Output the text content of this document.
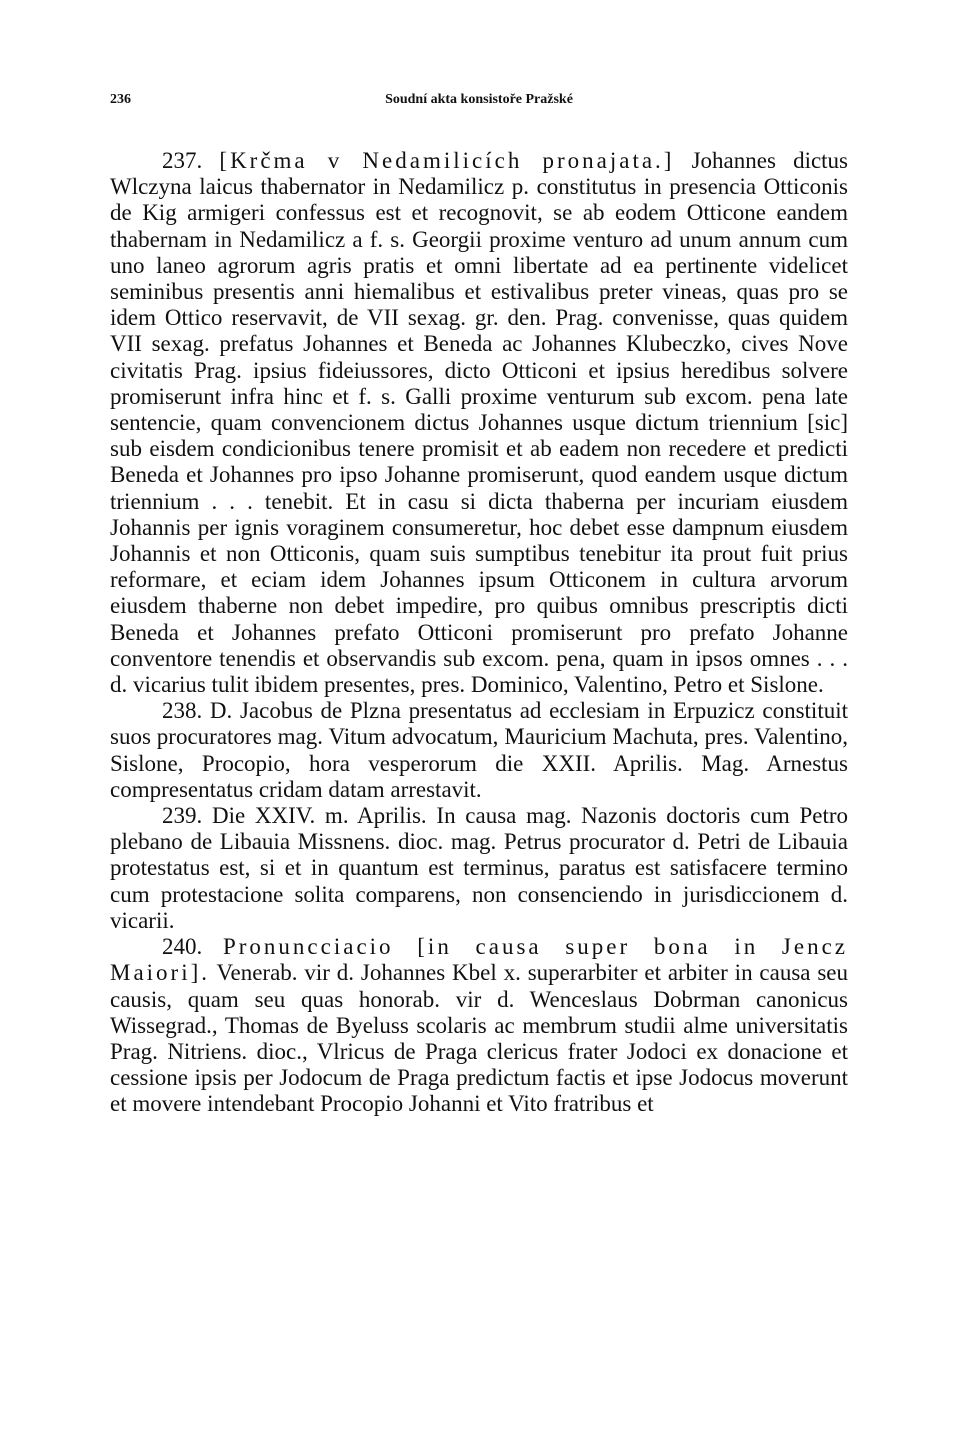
236	Soudní akta konsistoře Pražské

237. [Krčma v Nedamilicích pronajata.] Johannes dictus Wlczyna laicus thabernator in Nedamilicz p. constitutus in presencia Otticonis de Kig armigeri confessus est et recognovit, se ab eodem Otticone eandem thabernam in Nedamilicz a f. s. Georgii proxime venturo ad unum annum cum uno laneo agrorum agris pratis et omni libertate ad ea pertinente videlicet seminibus presentis anni hiemalibus et estivalibus preter vineas, quas pro se idem Ottico reservavit, de VII sexag. gr. den. Prag. convenisse, quas quidem VII sexag. prefatus Johannes et Beneda ac Johannes Klubeczko, cives Nove civitatis Prag. ipsius fideiussores, dicto Otticoni et ipsius heredibus solvere promiserunt infra hinc et f. s. Galli proxime venturum sub excom. pena late sentencie, quam convencionem dictus Johannes usque dictum triennium [sic] sub eisdem condicionibus tenere promisit et ab eadem non recedere et predicti Beneda et Johannes pro ipso Johanne promiserunt, quod eandem usque dictum triennium . . . tenebit. Et in casu si dicta thaberna per incuriam eiusdem Johannis per ignis voraginem consumeretur, hoc debet esse dampnum eiusdem Johannis et non Otticonis, quam suis sumptibus tenebitur ita prout fuit prius reformare, et eciam idem Johannes ipsum Otticonem in cultura arvorum eiusdem thaberne non debet impedire, pro quibus omnibus prescriptis dicti Beneda et Johannes prefato Otticoni promiserunt pro prefato Johanne conventore tenendis et observandis sub excom. pena, quam in ipsos omnes . . . d. vicarius tulit ibidem presentes, pres. Dominico, Valentino, Petro et Sislone.

238. D. Jacobus de Plzna presentatus ad ecclesiam in Erpuzicz constituit suos procuratores mag. Vitum advocatum, Mauricium Machuta, pres. Valentino, Sislone, Procopio, hora vesperorum die XXII. Aprilis. Mag. Arnestus compresentatus cridam datam arrestavit.

239. Die XXIV. m. Aprilis. In causa mag. Nazonis doctoris cum Petro plebano de Libauia Missnens. dioc. mag. Petrus procurator d. Petri de Libauia protestatus est, si et in quantum est terminus, paratus est satisfacere termino cum protestacione solita comparens, non consenciendo in jurisdiccionem d. vicarii.

240. Pronuncciacio [in causa super bona in Jencz Maiori]. Venerab. vir d. Johannes Kbel x. superarbiter et arbiter in causa seu causis, quam seu quas honorab. vir d. Wenceslaus Dobrman canonicus Wissegrad., Thomas de Byeluss scolaris ac membrum studii alme universitatis Prag. Nitriens. dioc., Vlricus de Praga clericus frater Jodoci ex donacione et cessione ipsis per Jodocum de Praga predictum factis et ipse Jodocus moverunt et movere intendebant Procopio Johanni et Vito fratribus et
